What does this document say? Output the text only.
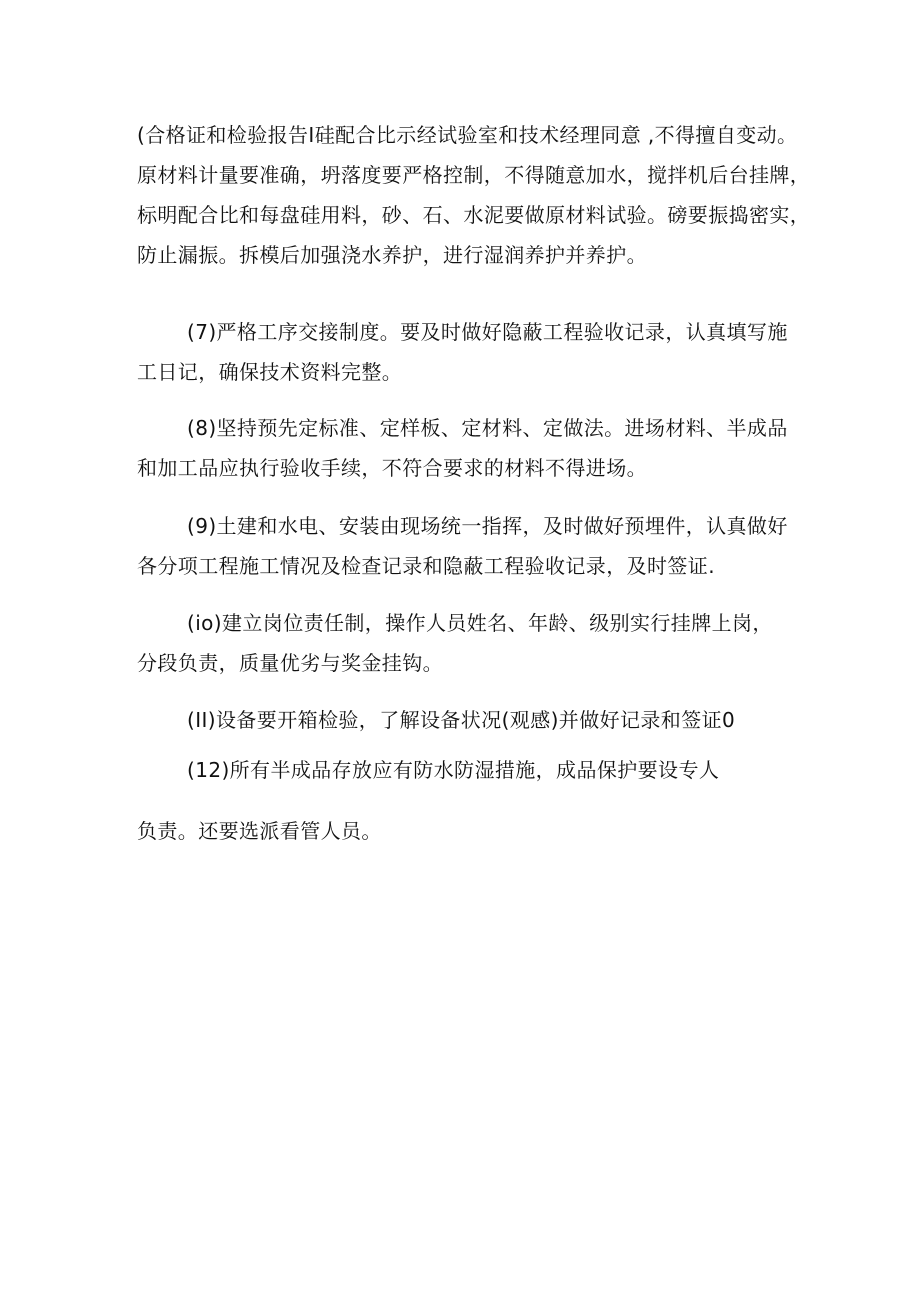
(合格证和检验报告Ⅰ硅配合比示经试验室和技术经理同意 ,不得擅自变动。
原材料计量要准确，坍落度要严格控制，不得随意加水，搅拌机后台挂牌，
标明配合比和每盘硅用料，砂、石、水泥要做原材料试验。磅要振捣密实，
防止漏振。拆模后加强浇水养护，进行湿润养护并养护。

(7)严格工序交接制度。要及时做好隐蔽工程验收记录，认真填写施
工日记，确保技术资料完整。

(8)坚持预先定标准、定样板、定材料、定做法。进场材料、半成品
和加工品应执行验收手续，不符合要求的材料不得进场。

(9)土建和水电、安装由现场统一指挥，及时做好预埋件，认真做好
各分项工程施工情况及检查记录和隐蔽工程验收记录，及时签证.

(io)建立岗位责任制，操作人员姓名、年龄、级别实行挂牌上岗，
分段负责，质量优劣与奖金挂钩。

(II)设备要开箱检验，了解设备状况(观感)并做好记录和签证0

(12)所有半成品存放应有防水防湿措施，成品保护要设专人

负责。还要选派看管人员。
